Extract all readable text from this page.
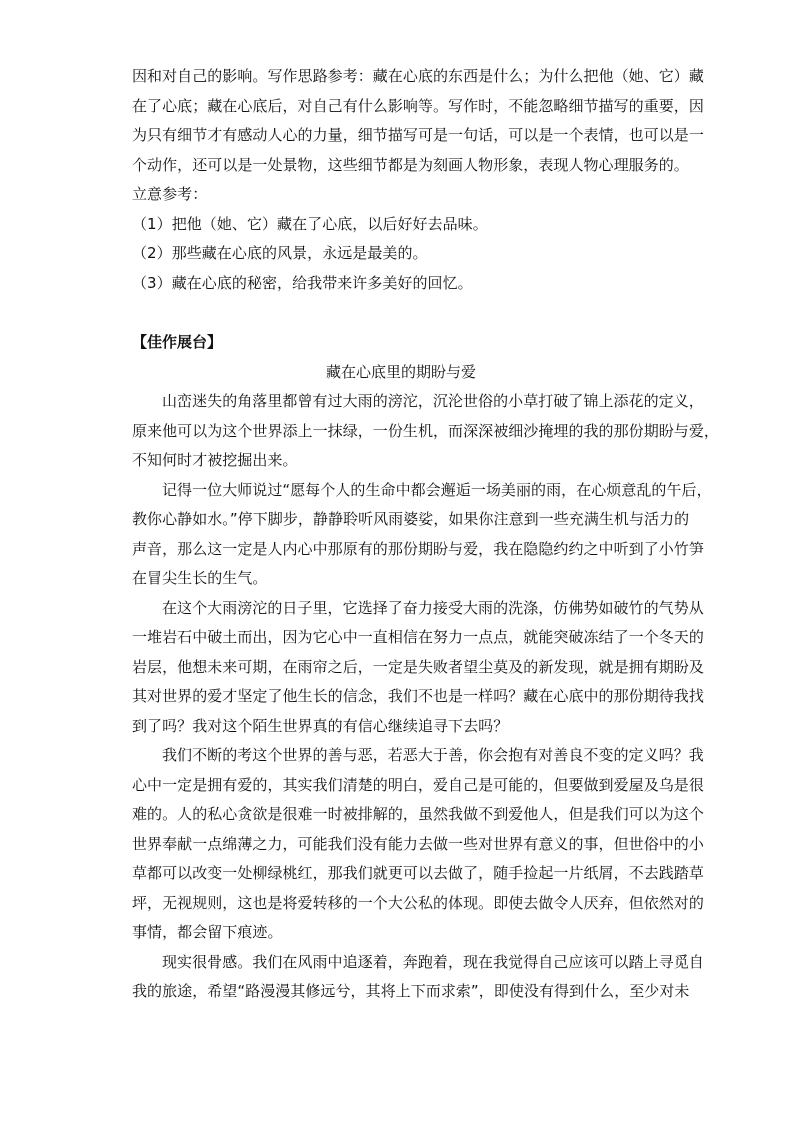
因和对自己的影响。写作思路参考：藏在心底的东西是什么；为什么把他（她、它）藏
在了心底；藏在心底后，对自己有什么影响等。写作时，不能忽略细节描写的重要，因
为只有细节才有感动人心的力量，细节描写可是一句话，可以是一个表情，也可以是一
个动作，还可以是一处景物，这些细节都是为刻画人物形象，表现人物心理服务的。
立意参考：
（1）把他（她、它）藏在了心底，以后好好去品味。
（2）那些藏在心底的风景，永远是最美的。
（3）藏在心底的秘密，给我带来许多美好的回忆。
【佳作展台】
藏在心底里的期盼与爱
山峦迷失的角落里都曾有过大雨的滂沱，沉沦世俗的小草打破了锦上添花的定义，
原来他可以为这个世界添上一抹绿，一份生机，而深深被细沙掩埋的我的那份期盼与爱，
不知何时才被挖掘出来。
记得一位大师说过“愿每个人的生命中都会邂逅一场美丽的雨，在心烦意乱的午后，
教你心静如水。”停下脚步，静静聆听风雨婆娑，如果你注意到一些充满生机与活力的
声音，那么这一定是人内心中那原有的那份期盼与爱，我在隐隐约约之中听到了小竹笋
在冒尖生长的生气。
在这个大雨滂沱的日子里，它选择了奋力接受大雨的洗涤，仿佛势如破竹的气势从
一堆岩石中破土而出，因为它心中一直相信在努力一点点，就能突破冻结了一个冬天的
岩层，他想未来可期，在雨帘之后，一定是失败者望尘莫及的新发现，就是拥有期盼及
其对世界的爱才坚定了他生长的信念，我们不也是一样吗？藏在心底中的那份期待我找
到了吗？我对这个陌生世界真的有信心继续追寻下去吗？
我们不断的考这个世界的善与恶，若恶大于善，你会抱有对善良不变的定义吗？我
心中一定是拥有爱的，其实我们清楚的明白，爱自己是可能的，但要做到爱屋及乌是很
难的。人的私心贪欲是很难一时被排解的，虽然我做不到爱他人，但是我们可以为这个
世界奉献一点绵薄之力，可能我们没有能力去做一些对世界有意义的事，但世俗中的小
草都可以改变一处柳绿桃红，那我们就更可以去做了，随手捡起一片纸屑，不去践踏草
坪，无视规则，这也是将爱转移的一个大公私的体现。即使去做令人厌弃，但依然对的
事情，都会留下痕迹。
现实很骨感。我们在风雨中追逐着，奔跑着，现在我觉得自己应该可以踏上寻觅自
我的旅途，希望“路漫漫其修远兮，其将上下而求索”，即使没有得到什么，至少对未
